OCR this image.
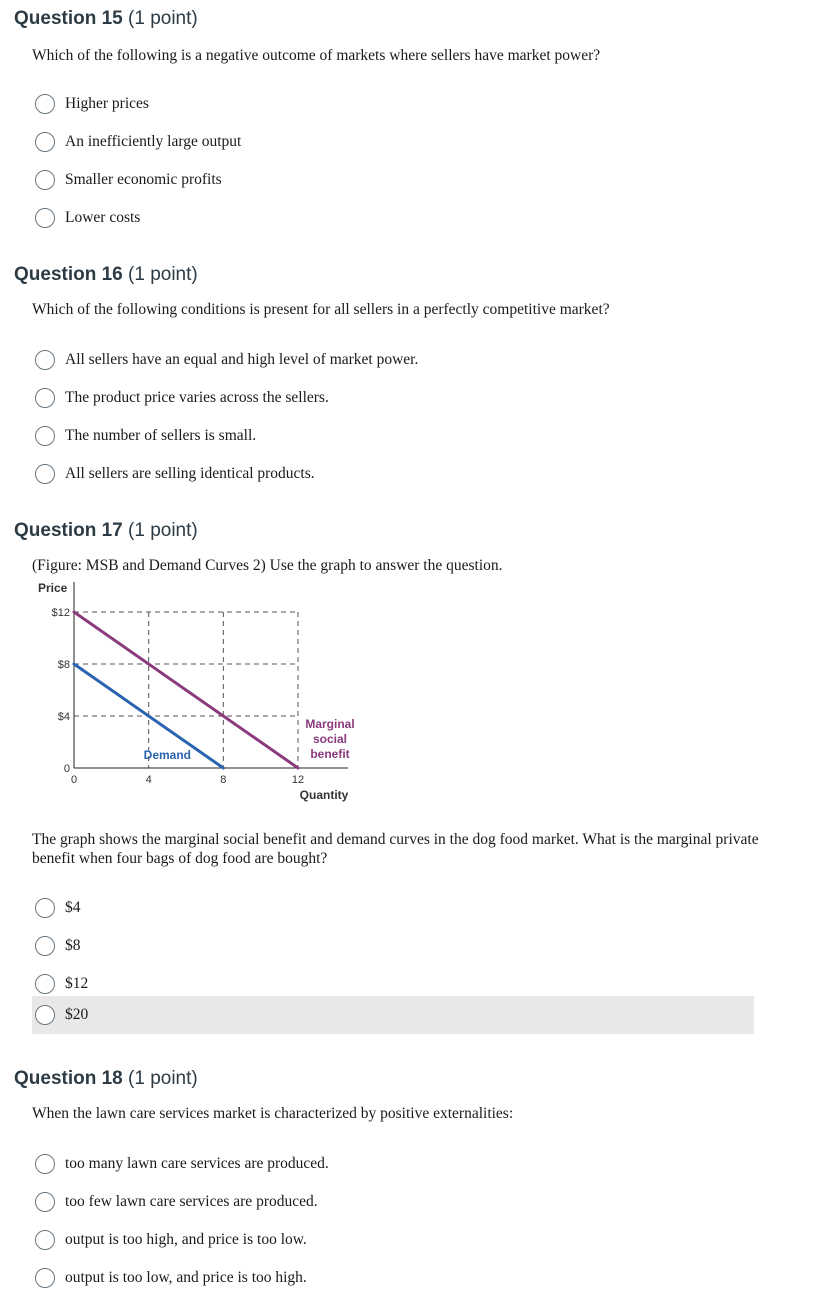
Question 15 (1 point)
Which of the following is a negative outcome of markets where sellers have market power?
Higher prices
An inefficiently large output
Smaller economic profits
Lower costs
Question 16 (1 point)
Which of the following conditions is present for all sellers in a perfectly competitive market?
All sellers have an equal and high level of market power.
The product price varies across the sellers.
The number of sellers is small.
All sellers are selling identical products.
Question 17 (1 point)
(Figure: MSB and Demand Curves 2) Use the graph to answer the question.
Price
0
$4
$8
$12
0	4	8	12
Quantity
Demand
Marginal
social
benefit
The graph shows the marginal social benefit and demand curves in the dog food market. What is the marginal private benefit when four bags of dog food are bought?
$4
$8
$12
$20
Question 18 (1 point)
When the lawn care services market is characterized by positive externalities:
too many lawn care services are produced.
too few lawn care services are produced.
output is too high, and price is too low.
output is too low, and price is too high.
